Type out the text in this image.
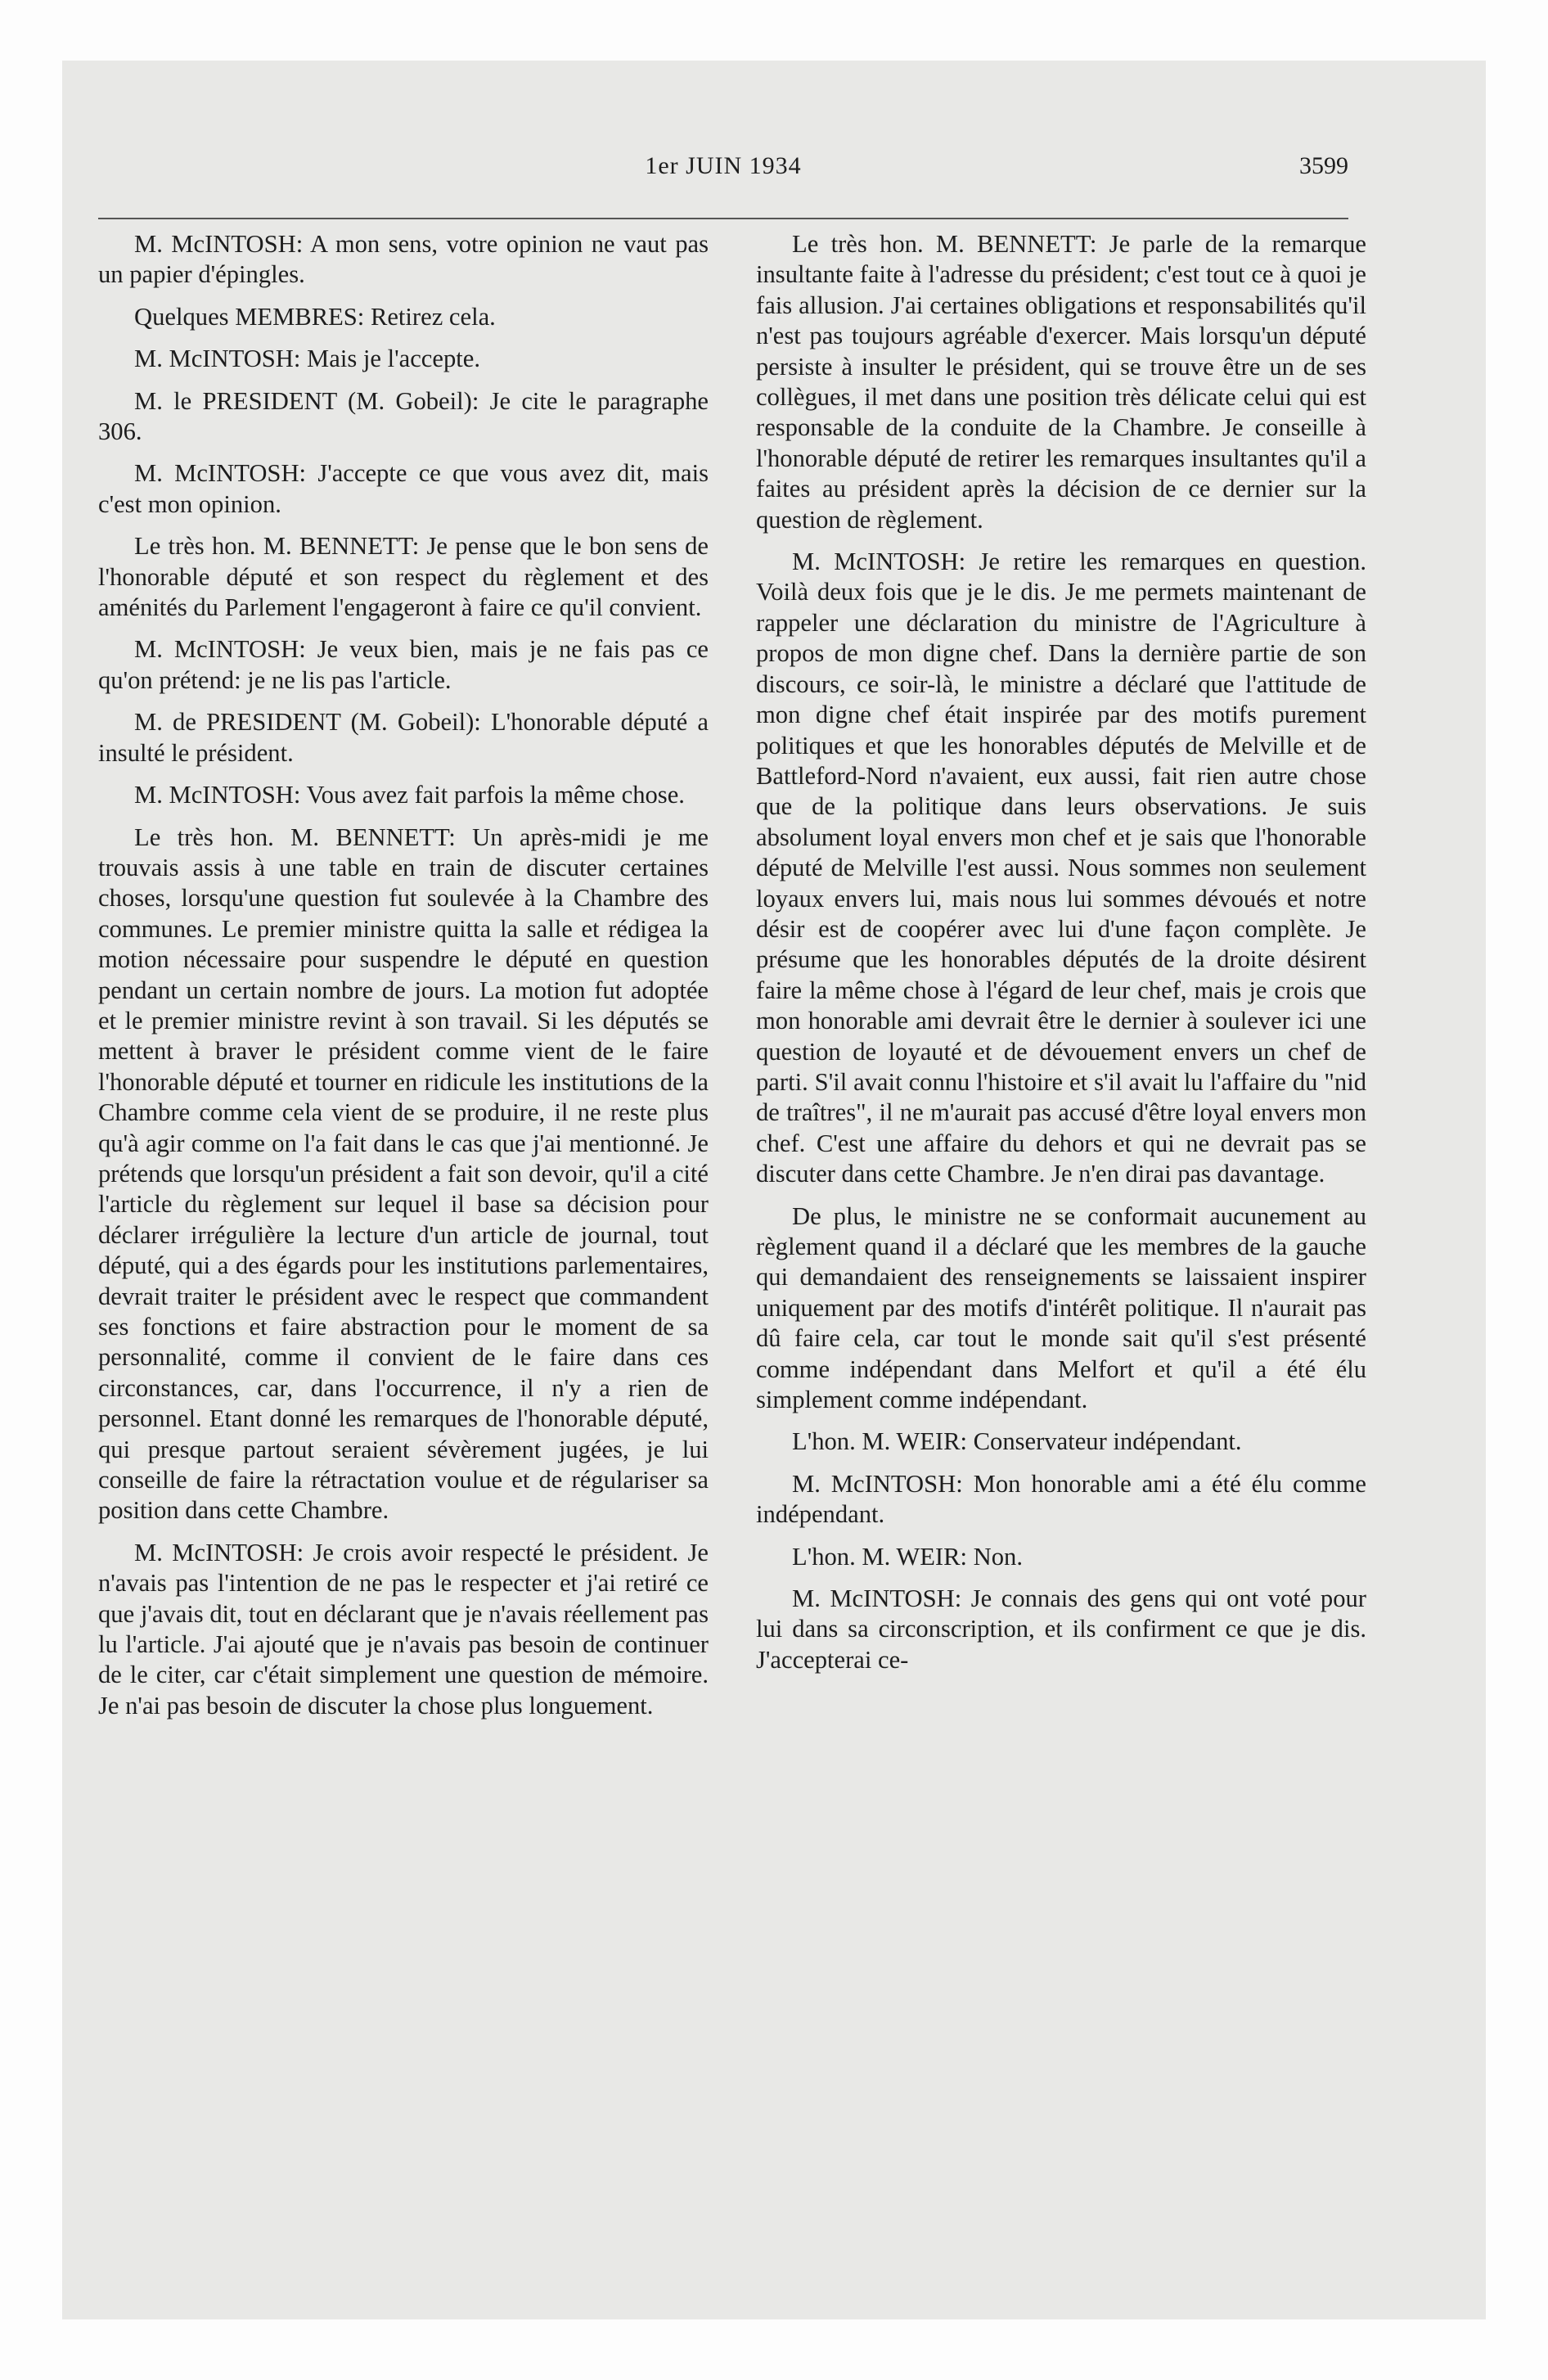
1er JUIN 1934	3599

M. McINTOSH: A mon sens, votre opinion ne vaut pas un papier d'épingles.

Quelques MEMBRES: Retirez cela.

M. McINTOSH: Mais je l'accepte.

M. le PRESIDENT (M. Gobeil): Je cite le paragraphe 306.

M. McINTOSH: J'accepte ce que vous avez dit, mais c'est mon opinion.

Le très hon. M. BENNETT: Je pense que le bon sens de l'honorable député et son respect du règlement et des aménités du Parlement l'engageront à faire ce qu'il convient.

M. McINTOSH: Je veux bien, mais je ne fais pas ce qu'on prétend: je ne lis pas l'article.

M. de PRESIDENT (M. Gobeil): L'honorable député a insulté le président.

M. McINTOSH: Vous avez fait parfois la même chose.

Le très hon. M. BENNETT: Un après-midi je me trouvais assis à une table en train de discuter certaines choses, lorsqu'une question fut soulevée à la Chambre des communes. Le premier ministre quitta la salle et rédigea la motion nécessaire pour suspendre le député en question pendant un certain nombre de jours. La motion fut adoptée et le premier ministre revint à son travail. Si les députés se mettent à braver le président comme vient de le faire l'honorable député et tourner en ridicule les institutions de la Chambre comme cela vient de se produire, il ne reste plus qu'à agir comme on l'a fait dans le cas que j'ai mentionné. Je prétends que lorsqu'un président a fait son devoir, qu'il a cité l'article du règlement sur lequel il base sa décision pour déclarer irrégulière la lecture d'un article de journal, tout député, qui a des égards pour les institutions parlementaires, devrait traiter le président avec le respect que commandent ses fonctions et faire abstraction pour le moment de sa personnalité, comme il convient de le faire dans ces circonstances, car, dans l'occurrence, il n'y a rien de personnel. Etant donné les remarques de l'honorable député, qui presque partout seraient sévèrement jugées, je lui conseille de faire la rétractation voulue et de régulariser sa position dans cette Chambre.

M. McINTOSH: Je crois avoir respecté le président. Je n'avais pas l'intention de ne pas le respecter et j'ai retiré ce que j'avais dit, tout en déclarant que je n'avais réellement pas lu l'article. J'ai ajouté que je n'avais pas besoin de continuer de le citer, car c'était simplement une question de mémoire. Je n'ai pas besoin de discuter la chose plus longuement.

Le très hon. M. BENNETT: Je parle de la remarque insultante faite à l'adresse du président; c'est tout ce à quoi je fais allusion. J'ai certaines obligations et responsabilités qu'il n'est pas toujours agréable d'exercer. Mais lorsqu'un député persiste à insulter le président, qui se trouve être un de ses collègues, il met dans une position très délicate celui qui est responsable de la conduite de la Chambre. Je conseille à l'honorable député de retirer les remarques insultantes qu'il a faites au président après la décision de ce dernier sur la question de règlement.

M. McINTOSH: Je retire les remarques en question. Voilà deux fois que je le dis. Je me permets maintenant de rappeler une déclaration du ministre de l'Agriculture à propos de mon digne chef. Dans la dernière partie de son discours, ce soir-là, le ministre a déclaré que l'attitude de mon digne chef était inspirée par des motifs purement politiques et que les honorables députés de Melville et de Battleford-Nord n'avaient, eux aussi, fait rien autre chose que de la politique dans leurs observations. Je suis absolument loyal envers mon chef et je sais que l'honorable député de Melville l'est aussi. Nous sommes non seulement loyaux envers lui, mais nous lui sommes dévoués et notre désir est de coopérer avec lui d'une façon complète. Je présume que les honorables députés de la droite désirent faire la même chose à l'égard de leur chef, mais je crois que mon honorable ami devrait être le dernier à soulever ici une question de loyauté et de dévouement envers un chef de parti. S'il avait connu l'histoire et s'il avait lu l'affaire du "nid de traîtres", il ne m'aurait pas accusé d'être loyal envers mon chef. C'est une affaire du dehors et qui ne devrait pas se discuter dans cette Chambre. Je n'en dirai pas davantage.

De plus, le ministre ne se conformait aucunement au règlement quand il a déclaré que les membres de la gauche qui demandaient des renseignements se laissaient inspirer uniquement par des motifs d'intérêt politique. Il n'aurait pas dû faire cela, car tout le monde sait qu'il s'est présenté comme indépendant dans Melfort et qu'il a été élu simplement comme indépendant.

L'hon. M. WEIR: Conservateur indépendant.

M. McINTOSH: Mon honorable ami a été élu comme indépendant.

L'hon. M. WEIR: Non.

M. McINTOSH: Je connais des gens qui ont voté pour lui dans sa circonscription, et ils confirment ce que je dis. J'accepterai ce-
